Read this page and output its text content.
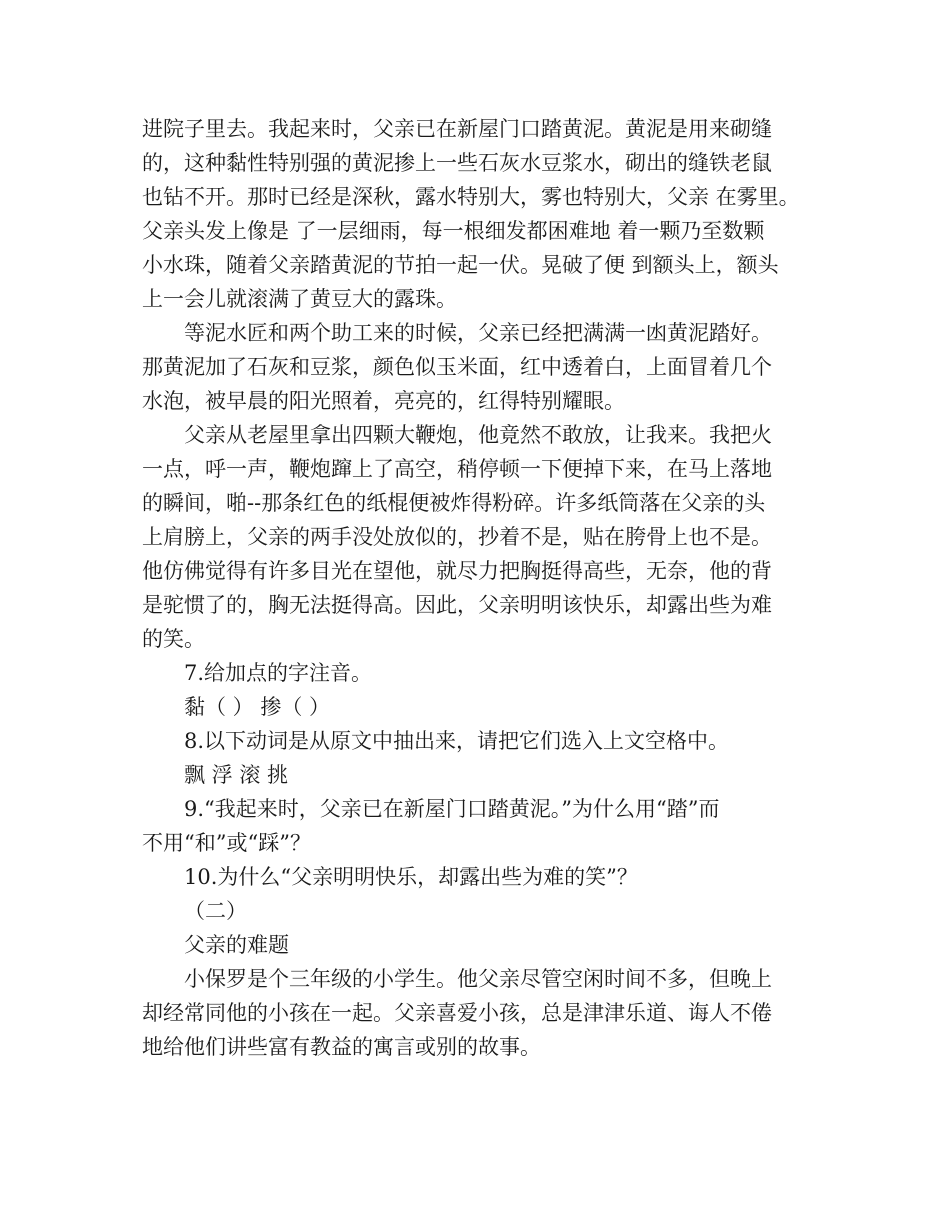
进院子里去。我起来时，父亲已在新屋门口踏黄泥。黄泥是用来砌缝
的，这种黏性特别强的黄泥掺上一些石灰水豆浆水，砌出的缝铁老鼠
也钻不开。那时已经是深秋，露水特别大，雾也特别大，父亲 在雾里。
父亲头发上像是 了一层细雨，每一根细发都困难地 着一颗乃至数颗
小水珠，随着父亲踏黄泥的节拍一起一伏。晃破了便 到额头上，额头
上一会儿就滚满了黄豆大的露珠。
等泥水匠和两个助工来的时候，父亲已经把满满一凼黄泥踏好。
那黄泥加了石灰和豆浆，颜色似玉米面，红中透着白，上面冒着几个
水泡，被早晨的阳光照着，亮亮的，红得特别耀眼。
父亲从老屋里拿出四颗大鞭炮，他竟然不敢放，让我来。我把火
一点，呼一声，鞭炮蹿上了高空，稍停顿一下便掉下来，在马上落地
的瞬间，啪--那条红色的纸棍便被炸得粉碎。许多纸筒落在父亲的头
上肩膀上，父亲的两手没处放似的，抄着不是，贴在胯骨上也不是。
他仿佛觉得有许多目光在望他，就尽力把胸挺得高些，无奈，他的背
是驼惯了的，胸无法挺得高。因此，父亲明明该快乐，却露出些为难
的笑。
7.给加点的字注音。
黏（ ） 掺（ ）
8.以下动词是从原文中抽出来，请把它们选入上文空格中。
飘 浮 滚 挑
9.“我起来时，父亲已在新屋门口踏黄泥。”为什么用“踏”而
不用“和”或“踩”？
10.为什么“父亲明明快乐，却露出些为难的笑”？
（二）
父亲的难题
小保罗是个三年级的小学生。他父亲尽管空闲时间不多，但晚上
却经常同他的小孩在一起。父亲喜爱小孩，总是津津乐道、诲人不倦
地给他们讲些富有教益的寓言或别的故事。
